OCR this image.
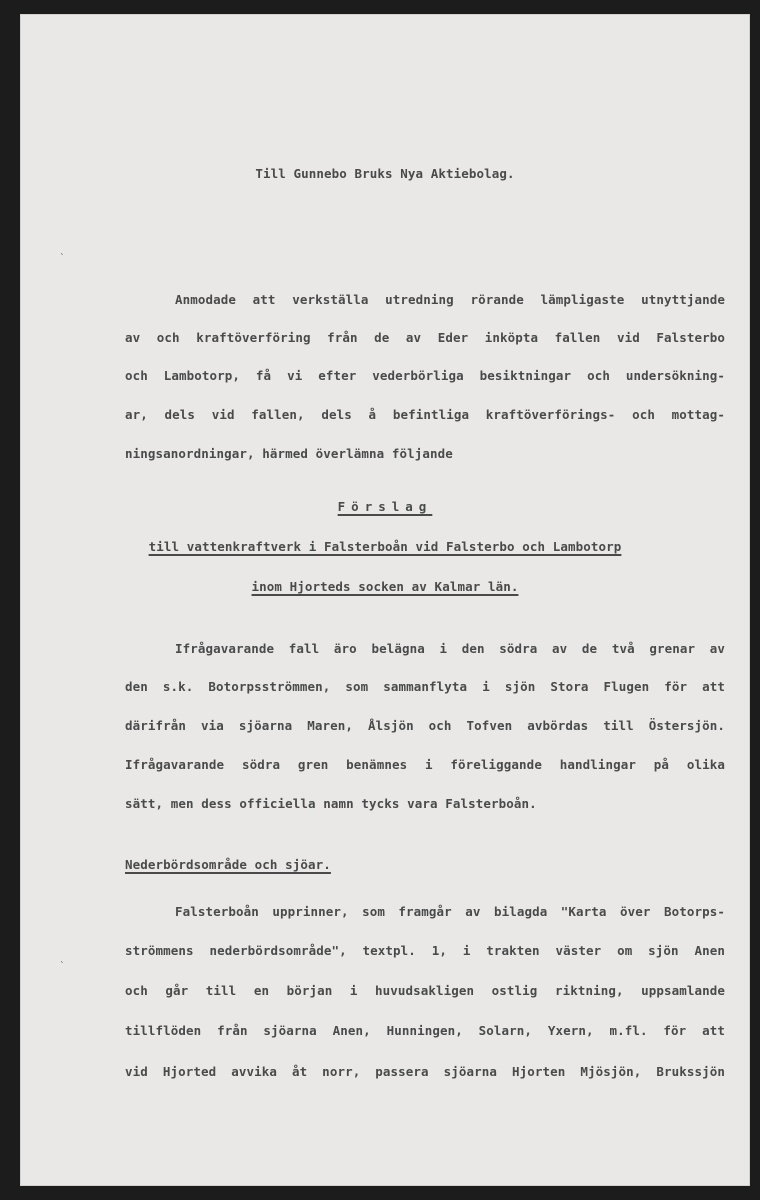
ˎ
ˎ
Till Gunnebo Bruks Nya Aktiebolag.
Anmodade att verkställa utredning rörande lämpligaste utnyttjande
av och kraftöverföring från de av Eder inköpta fallen vid Falsterbo
och Lambotorp, få vi efter vederbörliga besiktningar och undersökning-
ar, dels vid fallen, dels å befintliga kraftöverförings- och mottag-
ningsanordningar, härmed överlämna följande
Förslag
till vattenkraftverk i Falsterboån vid Falsterbo och Lambotorp
inom Hjorteds socken av Kalmar län.
Ifrågavarande fall äro belägna i den södra av de två grenar av
den s.k. Botorpsströmmen, som sammanflyta i sjön Stora Flugen för att
därifrån via sjöarna Maren, Ålsjön och Tofven avbördas till Östersjön.
Ifrågavarande södra gren benämnes i föreliggande handlingar på olika
sätt, men dess officiella namn tycks vara Falsterboån.
Nederbördsområde och sjöar.
Falsterboån upprinner, som framgår av bilagda "Karta över Botorps-
strömmens nederbördsområde", textpl. 1, i trakten väster om sjön Anen
och går till en början i huvudsakligen ostlig riktning, uppsamlande
tillflöden från sjöarna Anen, Hunningen, Solarn, Yxern, m.fl. för att
vid Hjorted avvika åt norr, passera sjöarna Hjorten Mjösjön, Brukssjön
